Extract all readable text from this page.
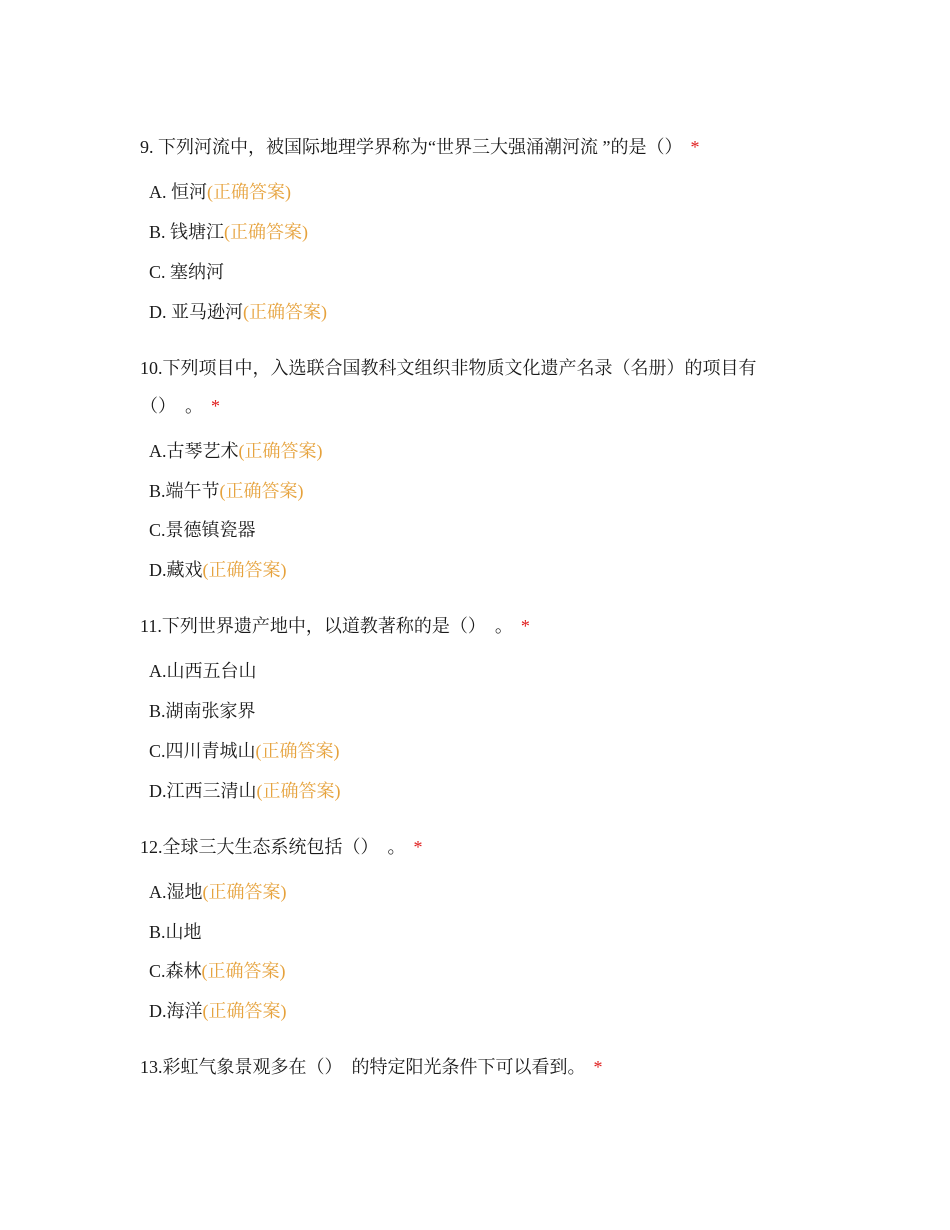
9. 下列河流中，被国际地理学界称为“世界三大强涌潮河流 ”的是（） *
A. 恒河(正确答案)
B. 钱塘江(正确答案)
C. 塞纳河
D. 亚马逊河(正确答案)
10.下列项目中，入选联合国教科文组织非物质文化遗产名录（名册）的项目有（）　。 *
A.古琴艺术(正确答案)
B.端午节(正确答案)
C.景德镇瓷器
D.藏戏(正确答案)
11.下列世界遗产地中，以道教著称的是（）　。 *
A.山西五台山
B.湖南张家界
C.四川青城山(正确答案)
D.江西三清山(正确答案)
12.全球三大生态系统包括（）　。 *
A.湿地(正确答案)
B.山地
C.森林(正确答案)
D.海洋(正确答案)
13.彩虹气象景观多在（）　的特定阳光条件下可以看到。 *
